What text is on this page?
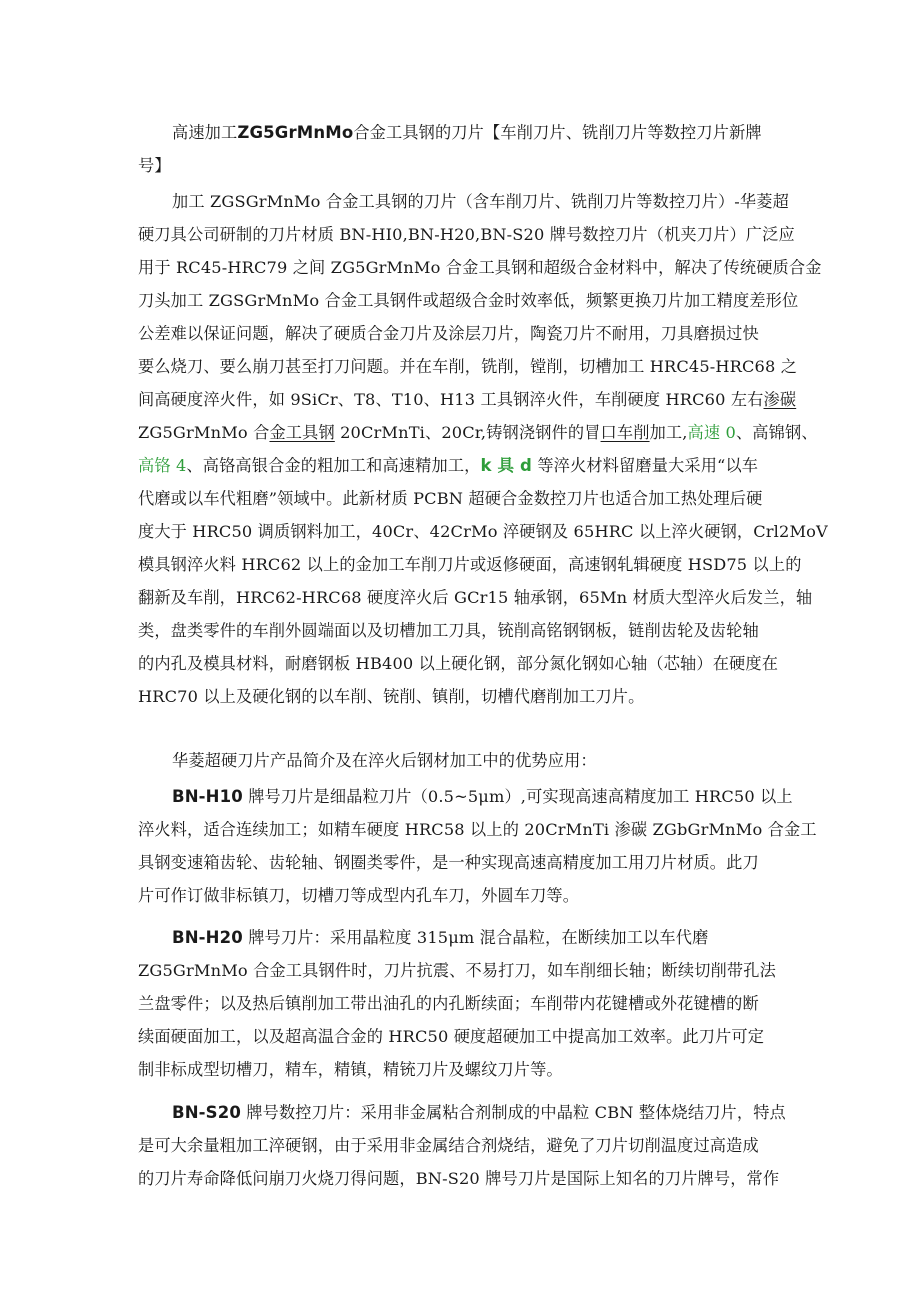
高速加工ZG5GrMnMo合金工具钢的刀片【车削刀片、铣削刀片等数控刀片新牌
号】

加工 ZGSGrMnMo 合金工具钢的刀片（含车削刀片、铣削刀片等数控刀片）-华菱超
硬刀具公司研制的刀片材质 BN-HI0,BN-H20,BN-S20 牌号数控刀片（机夹刀片）广泛应
用于 RC45-HRC79 之间 ZG5GrMnMo 合金工具钢和超级合金材料中，解决了传统硬质合金
刀头加工 ZGSGrMnMo 合金工具钢件或超级合金时效率低，频繁更换刀片加工精度差形位
公差难以保证问题，解决了硬质合金刀片及涂层刀片，陶瓷刀片不耐用，刀具磨损过快
要么烧刀、要么崩刀甚至打刀问题。并在车削，铣削，镗削，切槽加工 HRC45-HRC68 之
间高硬度淬火件，如 9SiCr、T8、T10、H13 工具钢淬火件，车削硬度 HRC60 左右渗碳
ZG5GrMnMo 合金工具钢 20CrMnTi、20Cr,铸钢浇钢件的冒口车削加工,高速 0、高锦钢、
高铬 4、高铬高银合金的粗加工和高速精加工，k 具 d 等淬火材料留磨量大采用“以车
代磨或以车代粗磨”领域中。此新材质 PCBN 超硬合金数控刀片也适合加工热处理后硬
度大于 HRC50 调质钢料加工，40Cr、42CrMo 淬硬钢及 65HRC 以上淬火硬钢，Crl2MoV
模具钢淬火料 HRC62 以上的金加工车削刀片或返修硬面，高速钢轧辑硬度 HSD75 以上的
翻新及车削，HRC62-HRC68 硬度淬火后 GCr15 轴承钢，65Mn 材质大型淬火后发兰，轴
类，盘类零件的车削外圆端面以及切槽加工刀具，铳削高铭钢钢板，链削齿轮及齿轮轴
的内孔及模具材料，耐磨钢板 HB400 以上硬化钢，部分氮化钢如心轴（芯轴）在硬度在
HRC70 以上及硬化钢的以车削、铳削、镇削，切槽代磨削加工刀片。

华菱超硬刀片产品简介及在淬火后钢材加工中的优势应用：

BN-H10 牌号刀片是细晶粒刀片（0.5~5μm）,可实现高速高精度加工 HRC50 以上
淬火料，适合连续加工；如精车硬度 HRC58 以上的 20CrMnTi 渗碳 ZGbGrMnMo 合金工
具钢变速箱齿轮、齿轮轴、钢圈类零件，是一种实现高速高精度加工用刀片材质。此刀
片可作订做非标镇刀，切槽刀等成型内孔车刀，外圆车刀等。

BN-H20 牌号刀片：采用晶粒度 315μm 混合晶粒，在断续加工以车代磨
ZG5GrMnMo 合金工具钢件时，刀片抗震、不易打刀，如车削细长轴；断续切削带孔法
兰盘零件；以及热后镇削加工带出油孔的内孔断续面；车削带内花键槽或外花键槽的断
续面硬面加工，以及超高温合金的 HRC50 硬度超硬加工中提高加工效率。此刀片可定
制非标成型切槽刀，精车，精镇，精铳刀片及螺纹刀片等。

BN-S20 牌号数控刀片：采用非金属粘合剂制成的中晶粒 CBN 整体烧结刀片，特点
是可大余量粗加工淬硬钢，由于采用非金属结合剂烧结，避免了刀片切削温度过高造成
的刀片寿命降低问崩刀火烧刀得问题，BN-S20 牌号刀片是国际上知名的刀片牌号，常作
